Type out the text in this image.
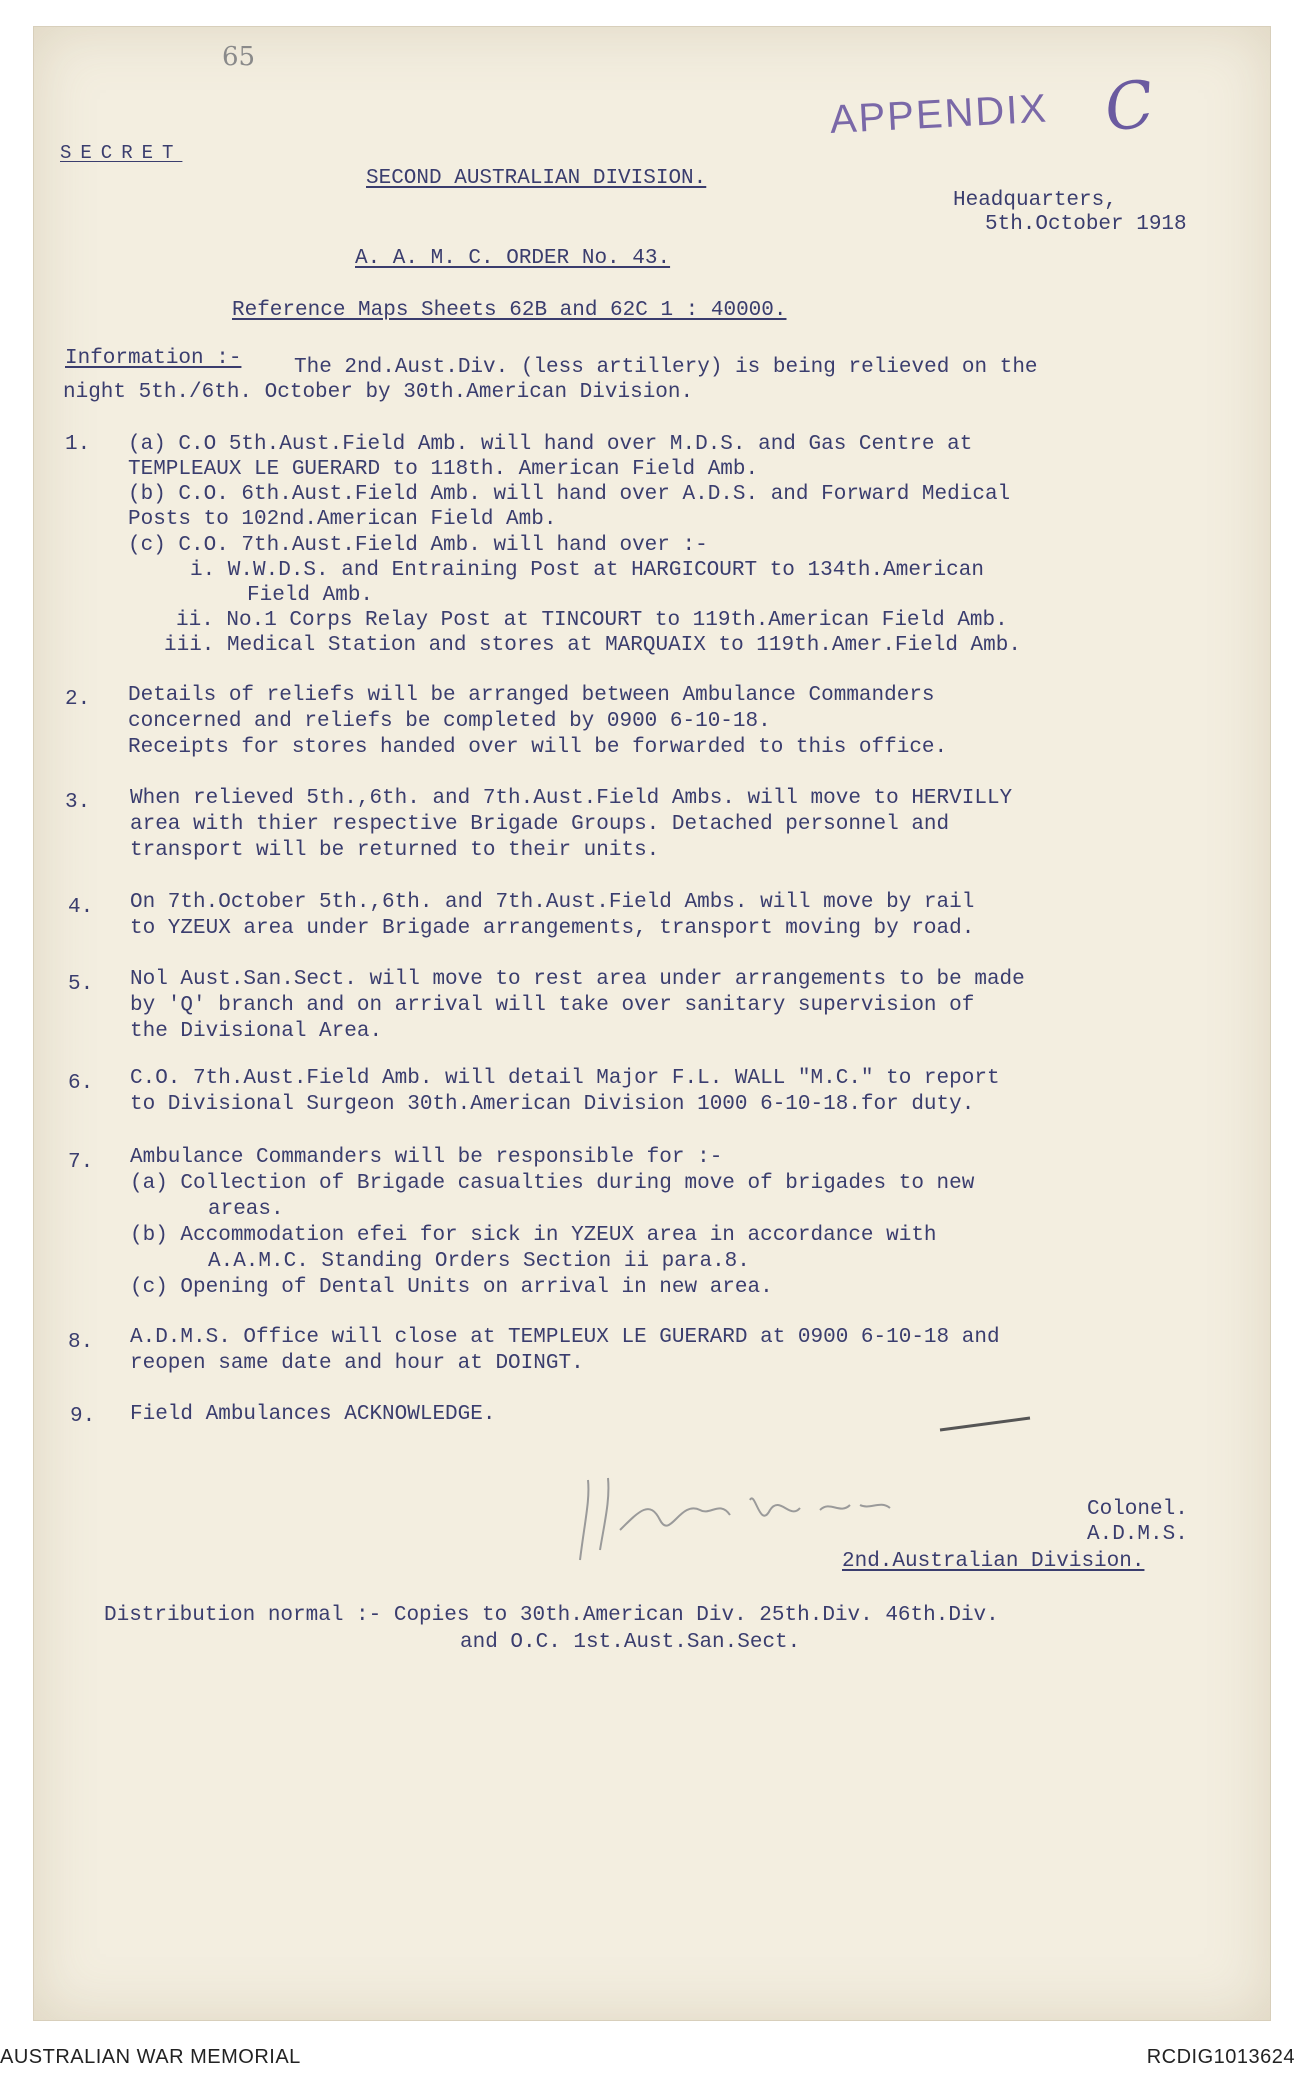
65
APPENDIX C
SECRET
SECOND AUSTRALIAN DIVISION.
Headquarters,
5th.October 1918
A. A. M. C. ORDER No. 43.
Reference Maps Sheets 62B and 62C 1 : 40000.
Information :-	The 2nd.Aust.Div. (less artillery) is being relieved on the
night 5th./6th. October by 30th.American Division.
1. (a) C.O 5th.Aust.Field Amb. will hand over M.D.S. and Gas Centre at
TEMPLEAUX LE GUERARD to 118th. American Field Amb.
(b) C.O. 6th.Aust.Field Amb. will hand over A.D.S. and Forward Medical
Posts to 102nd.American Field Amb.
(c) C.O. 7th.Aust.Field Amb. will hand over :-
i. W.W.D.S. and Entraining Post at HARGICOURT to 134th.American
Field Amb.
ii. No.1 Corps Relay Post at TINCOURT to 119th.American Field Amb.
iii. Medical Station and stores at MARQUAIX to 119th.Amer.Field Amb.
2. Details of reliefs will be arranged between Ambulance Commanders
concerned and reliefs be completed by 0900 6-10-18.
Receipts for stores handed over will be forwarded to this office.
3. When relieved 5th.,6th. and 7th.Aust.Field Ambs. will move to HERVILLY
area with thier respective Brigade Groups. Detached personnel and
transport will be returned to their units.
4. On 7th.October 5th.,6th. and 7th.Aust.Field Ambs. will move by rail
to YZEUX area under Brigade arrangements, transport moving by road.
5. Nol Aust.San.Sect. will move to rest area under arrangements to be made
by 'Q' branch and on arrival will take over sanitary supervision of
the Divisional Area.
6. C.O. 7th.Aust.Field Amb. will detail Major F.L. WALL "M.C." to report
to Divisional Surgeon 30th.American Division 1000 6-10-18.for duty.
7. Ambulance Commanders will be responsible for :-
(a) Collection of Brigade casualties during move of brigades to new
areas.
(b) Accommodation efei for sick in YZEUX area in accordance with
A.A.M.C. Standing Orders Section ii para.8.
(c) Opening of Dental Units on arrival in new area.
8. A.D.M.S. Office will close at TEMPLEUX LE GUERARD at 0900 6-10-18 and
reopen same date and hour at DOINGT.
9. Field Ambulances ACKNOWLEDGE.
Colonel.
A.D.M.S.
2nd.Australian Division.
Distribution normal :- Copies to 30th.American Div. 25th.Div. 46th.Div.
and O.C. 1st.Aust.San.Sect.
AUSTRALIAN WAR MEMORIAL	RCDIG1013624
